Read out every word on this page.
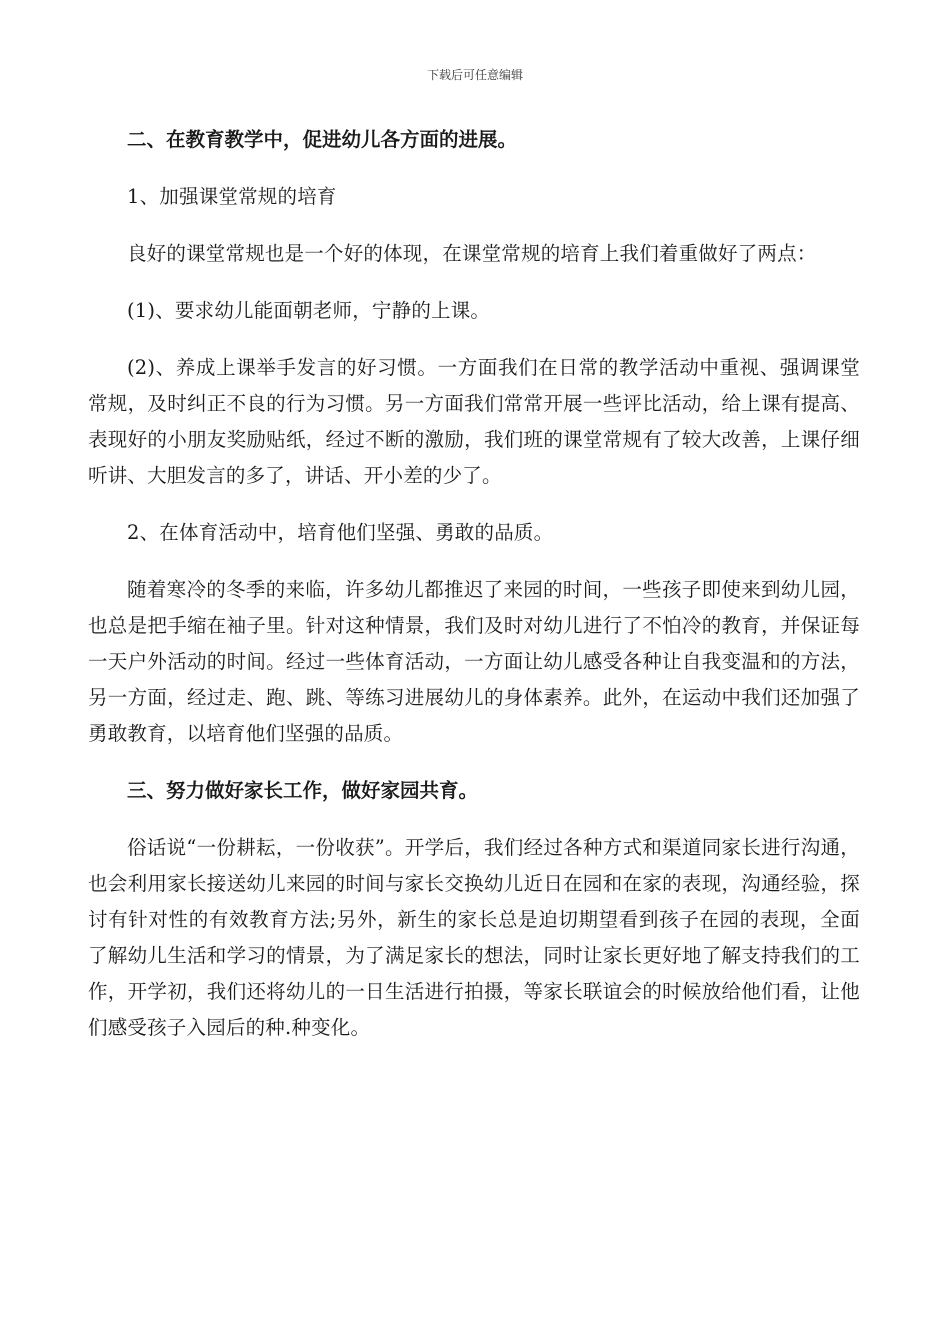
下载后可任意编辑

二、在教育教学中，促进幼儿各方面的进展。

1、加强课堂常规的培育

良好的课堂常规也是一个好的体现，在课堂常规的培育上我们着重做好了两点：

(1)、要求幼儿能面朝老师，宁静的上课。

(2)、养成上课举手发言的好习惯。一方面我们在日常的教学活动中重视、强调课堂常规，及时纠正不良的行为习惯。另一方面我们常常开展一些评比活动，给上课有提高、表现好的小朋友奖励贴纸，经过不断的激励，我们班的课堂常规有了较大改善，上课仔细听讲、大胆发言的多了，讲话、开小差的少了。

2、在体育活动中，培育他们坚强、勇敢的品质。

随着寒冷的冬季的来临，许多幼儿都推迟了来园的时间，一些孩子即使来到幼儿园，也总是把手缩在袖子里。针对这种情景，我们及时对幼儿进行了不怕冷的教育，并保证每一天户外活动的时间。经过一些体育活动，一方面让幼儿感受各种让自我变温和的方法，另一方面，经过走、跑、跳、等练习进展幼儿的身体素养。此外，在运动中我们还加强了勇敢教育，以培育他们坚强的品质。

三、努力做好家长工作，做好家园共育。

俗话说“一份耕耘，一份收获”。开学后，我们经过各种方式和渠道同家长进行沟通，也会利用家长接送幼儿来园的时间与家长交换幼儿近日在园和在家的表现，沟通经验，探讨有针对性的有效教育方法;另外，新生的家长总是迫切期望看到孩子在园的表现，全面了解幼儿生活和学习的情景，为了满足家长的想法，同时让家长更好地了解支持我们的工作，开学初，我们还将幼儿的一日生活进行拍摄，等家长联谊会的时候放给他们看，让他们感受孩子入园后的种.种变化。
